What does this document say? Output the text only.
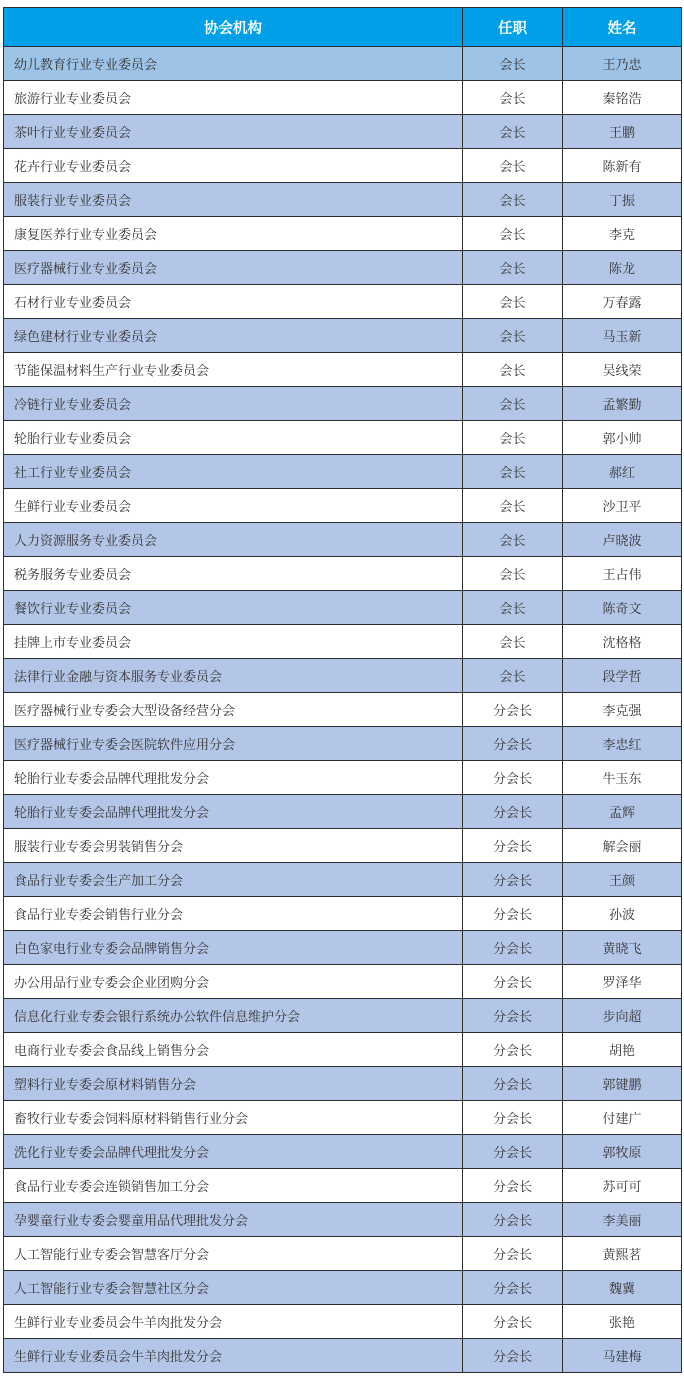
协会机构	任职	姓名
幼儿教育行业专业委员会	会长	王乃忠
旅游行业专业委员会	会长	秦铭浩
茶叶行业专业委员会	会长	王鹏
花卉行业专业委员会	会长	陈新有
服装行业专业委员会	会长	丁振
康复医养行业专业委员会	会长	李克
医疗器械行业专业委员会	会长	陈龙
石材行业专业委员会	会长	万春露
绿色建材行业专业委员会	会长	马玉新
节能保温材料生产行业专业委员会	会长	吴线荣
冷链行业专业委员会	会长	孟繁勤
轮胎行业专业委员会	会长	郭小帅
社工行业专业委员会	会长	郝红
生鲜行业专业委员会	会长	沙卫平
人力资源服务专业委员会	会长	卢晓波
税务服务专业委员会	会长	王占伟
餐饮行业专业委员会	会长	陈奇文
挂牌上市专业委员会	会长	沈格格
法律行业金融与资本服务专业委员会	会长	段学哲
医疗器械行业专委会大型设备经营分会	分会长	李克强
医疗器械行业专委会医院软件应用分会	分会长	李忠红
轮胎行业专委会品牌代理批发分会	分会长	牛玉东
轮胎行业专委会品牌代理批发分会	分会长	孟辉
服装行业专委会男装销售分会	分会长	解会丽
食品行业专委会生产加工分会	分会长	王颜
食品行业专委会销售行业分会	分会长	孙波
白色家电行业专委会品牌销售分会	分会长	黄晓飞
办公用品行业专委会企业团购分会	分会长	罗泽华
信息化行业专委会银行系统办公软件信息维护分会	分会长	步向超
电商行业专委会食品线上销售分会	分会长	胡艳
塑料行业专委会原材料销售分会	分会长	郭键鹏
畜牧行业专委会饲料原材料销售行业分会	分会长	付建广
洗化行业专委会品牌代理批发分会	分会长	郭牧原
食品行业专委会连锁销售加工分会	分会长	苏可可
孕婴童行业专委会婴童用品代理批发分会	分会长	李美丽
人工智能行业专委会智慧客厅分会	分会长	黄熙茗
人工智能行业专委会智慧社区分会	分会长	魏冀
生鲜行业专业委员会牛羊肉批发分会	分会长	张艳
生鲜行业专业委员会牛羊肉批发分会	分会长	马建梅
